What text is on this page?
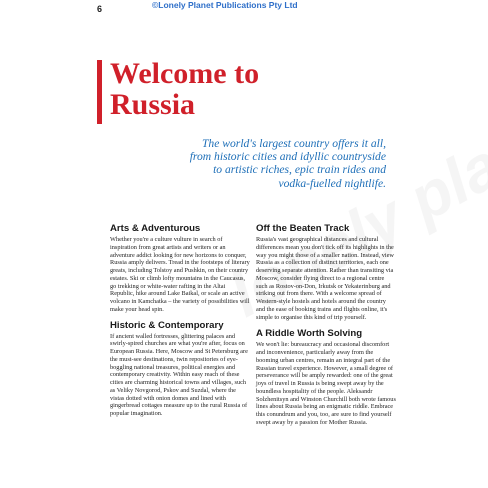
6	©Lonely Planet Publications Pty Ltd
Welcome to
Russia

The world's largest country offers it all, from historic cities and idyllic countryside to artistic riches, epic train rides and vodka-fuelled nightlife.

Arts & Adventurous

Whether you're a culture vulture in search of inspiration from great artists and writers or an adventure addict looking for new horizons to conquer, Russia amply delivers. Tread in the footsteps of literary greats, including Tolstoy and Pushkin, on their country estates. Ski or climb lofty mountains in the Caucasus, go trekking or white-water rafting in the Altai Republic, hike around Lake Baikal, or scale an active volcano in Kamchatka – the variety of possibilities will make your head spin.

Historic & Contemporary

If ancient walled fortresses, glittering palaces and swirly-spired churches are what you're after, focus on European Russia. Here, Moscow and St Petersburg are the must-see destinations, twin repositories of eye-boggling national treasures, political energies and contemporary creativity. Within easy reach of these cities are charming historical towns and villages, such as Veliky Novgorod, Pskov and Suzdal, where the vistas dotted with onion domes and lined with gingerbread cottages measure up to the rural Russia of popular imagination.

Off the Beaten Track

Russia's vast geographical distances and cultural differences mean you don't tick off its highlights in the way you might those of a smaller nation. Instead, view Russia as a collection of distinct territories, each one deserving separate attention. Rather than transiting via Moscow, consider flying direct to a regional centre such as Rostov-on-Don, Irkutsk or Yekaterinburg and striking out from there. With a welcome spread of Western-style hostels and hotels around the country and the ease of booking trains and flights online, it's simple to organise this kind of trip yourself.

A Riddle Worth Solving

We won't lie: bureaucracy and occasional discomfort and inconvenience, particularly away from the booming urban centres, remain an integral part of the Russian travel experience. However, a small degree of perseverance will be amply rewarded: one of the great joys of travel in Russia is being swept away by the boundless hospitality of the people. Aleksandr Solzhenitsyn and Winston Churchill both wrote famous lines about Russia being an enigmatic riddle. Embrace this conundrum and you, too, are sure to find yourself swept away by a passion for Mother Russia.
